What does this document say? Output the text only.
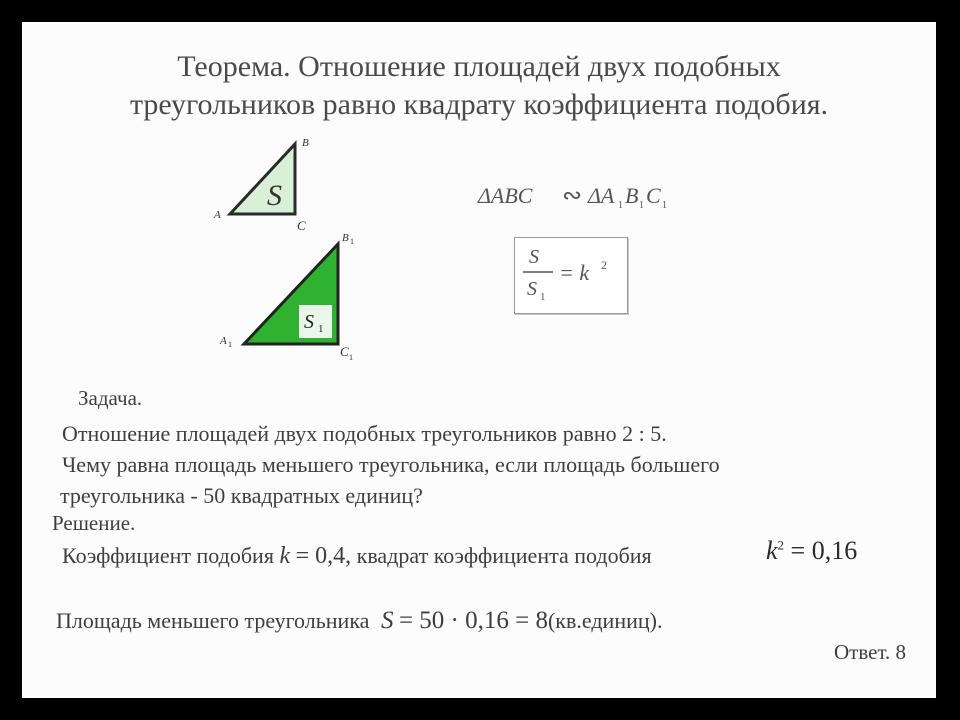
Теорема. Отношение площадей двух подобных
треугольников равно квадрату коэффициента подобия.
S
A
B
C
S 1
A 1
B 1
C 1
ΔABC ∾ ΔA 1 B 1 C 1
S
S 1
= k 2
Задача.
Отношение площадей двух подобных треугольников равно 2 : 5.
Чему равна площадь меньшего треугольника, если площадь большего
треугольника - 50 квадратных единиц?
Решение.
Коэффициент подобия k = 0,4, квадрат коэффициента подобия	$k^2 = 0,16$
Площадь меньшего треугольника S = 50 · 0,16 = 8(кв.единиц).
Ответ. 8
